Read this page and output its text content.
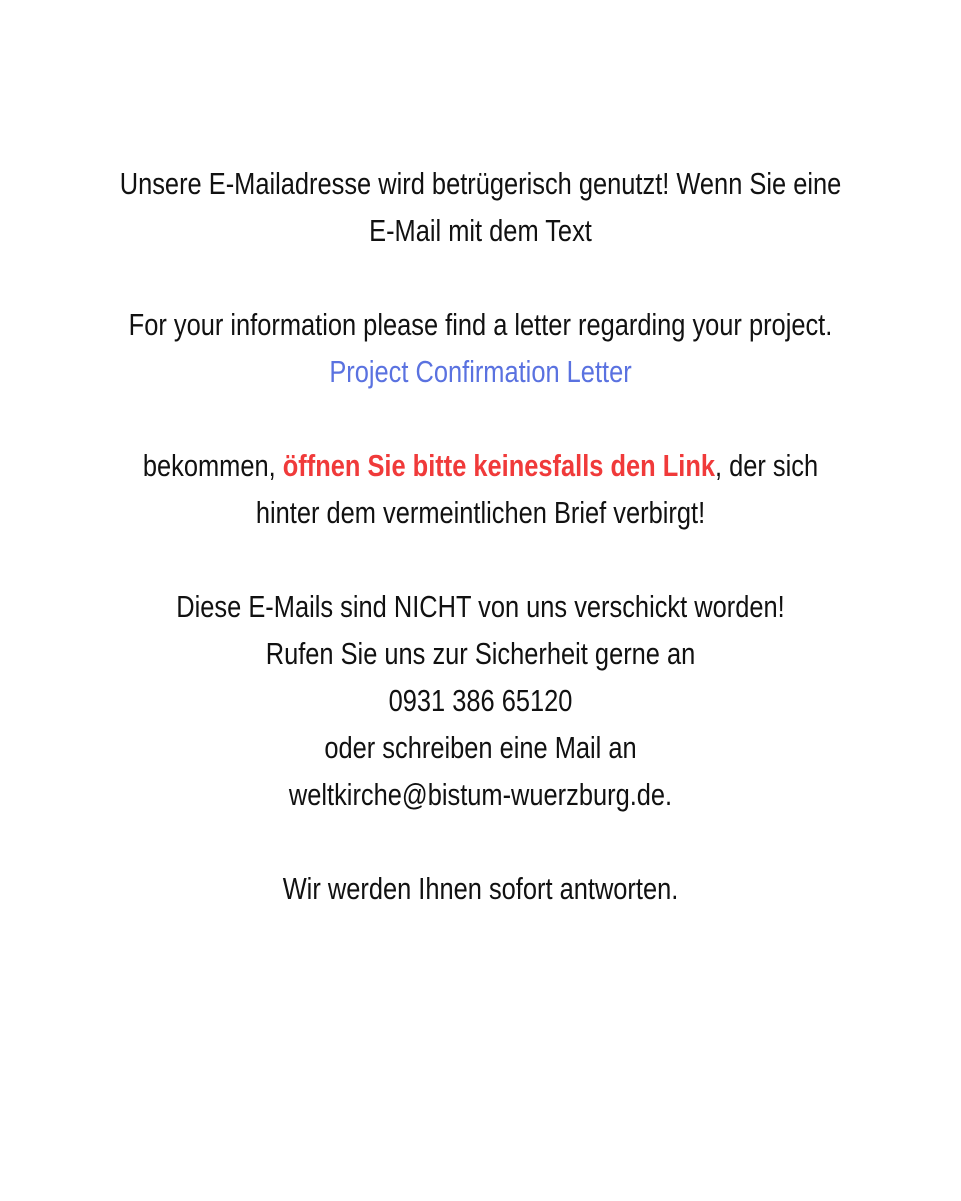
Unsere E-Mailadresse wird betrügerisch genutzt! Wenn Sie eine
E-Mail mit dem Text

For your information please find a letter regarding your project.
Project Confirmation Letter

bekommen, öffnen Sie bitte keinesfalls den Link, der sich
hinter dem vermeintlichen Brief verbirgt!

Diese E-Mails sind NICHT von uns verschickt worden!
Rufen Sie uns zur Sicherheit gerne an
0931 386 65120
oder schreiben eine Mail an
weltkirche@bistum-wuerzburg.de.

Wir werden Ihnen sofort antworten.
